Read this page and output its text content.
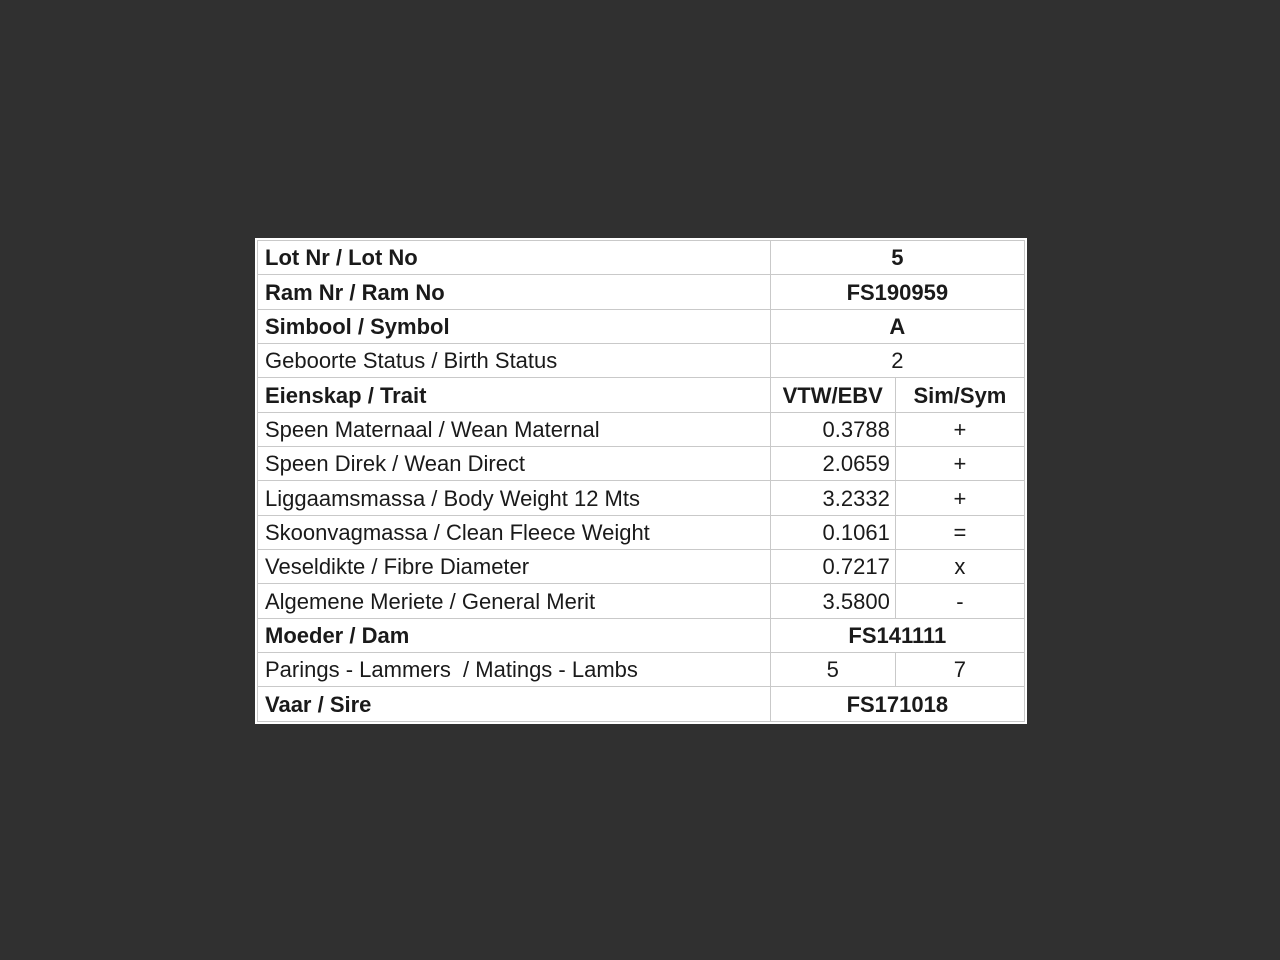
Lot Nr / Lot No	5	
Ram Nr / Ram No	FS190959	
Simbool / Symbol	A	
Geboorte Status / Birth Status	2	
Eienskap / Trait	VTW/EBV	Sim/Sym
Speen Maternaal / Wean Maternal	0.3788	+
Speen Direk / Wean Direct	2.0659	+
Liggaamsmassa / Body Weight 12 Mts	3.2332	+
Skoonvagmassa / Clean Fleece Weight	0.1061	=
Veseldikte / Fibre Diameter	0.7217	x
Algemene Meriete / General Merit	3.5800	-
Moeder / Dam	FS141111	
Parings - Lammers  / Matings - Lambs	5	7
Vaar / Sire	FS171018	
